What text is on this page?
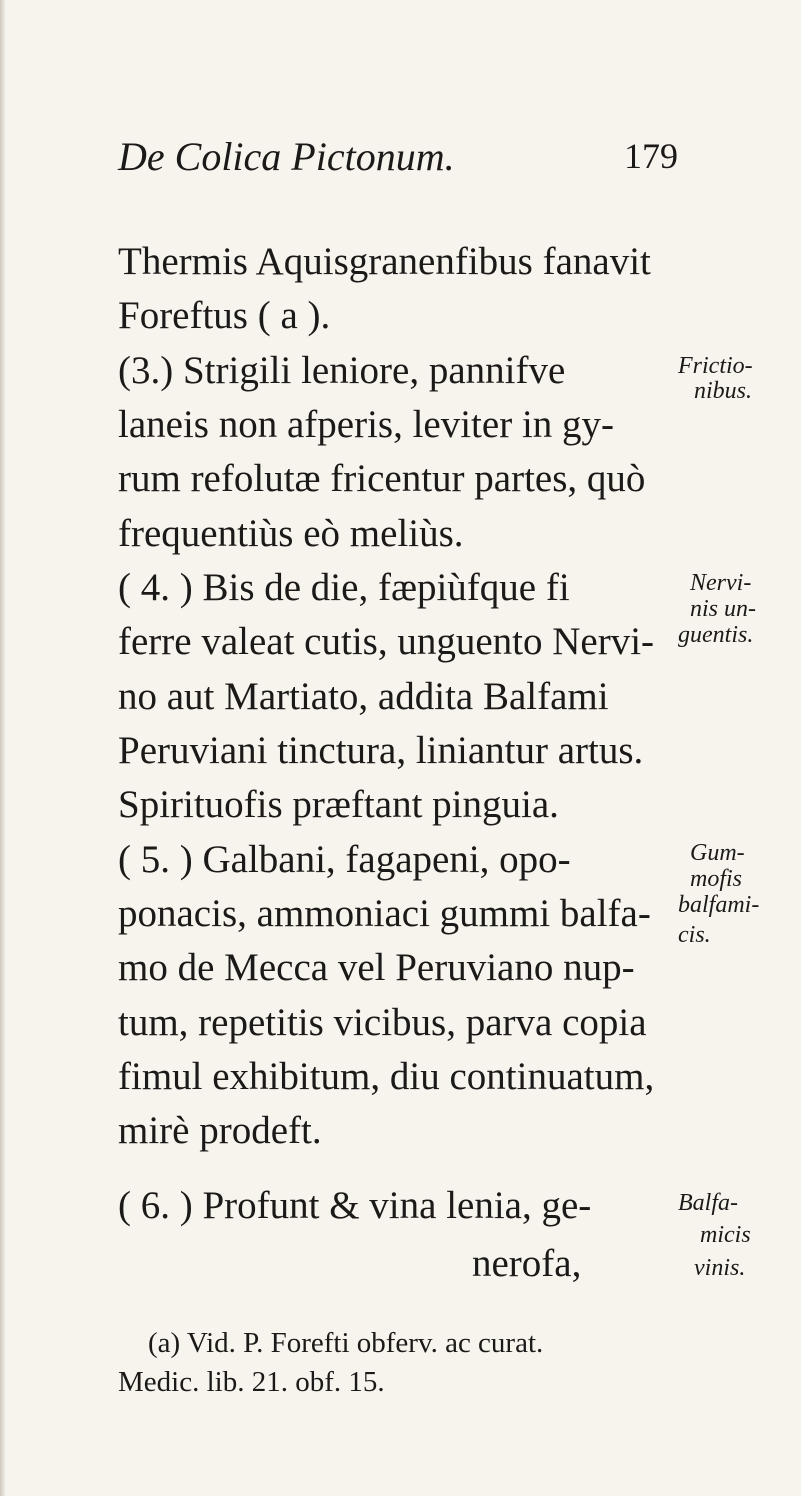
De Colica Pictonum.	179
Thermis Aquisgranenfibus fanavit
Foreftus ( a ).
(3.) Strigili leniore, pannifve
laneis non afperis, leviter in gy-
rum refolutæ fricentur partes, quò
frequentiùs eò meliùs.
( 4. ) Bis de die, fæpiùfque fi
ferre valeat cutis, unguento Nervi-
no aut Martiato, addita Balfami
Peruviani tinctura, liniantur artus.
Spirituofis præftant pinguia.
( 5. ) Galbani, fagapeni, opo-
ponacis, ammoniaci gummi balfa-
mo de Mecca vel Peruviano nup-
tum, repetitis vicibus, parva copia
fimul exhibitum, diu continuatum,
mirè prodeft.
( 6. ) Profunt & vina lenia, ge-
nerofa,
Frictio-
nibus.
Nervi-
nis un-
guentis.
Gum-
mofis
balfami-
cis.
Balfa-
micis
vinis.
(a) Vid. P. Forefti obferv. ac curat.
Medic. lib. 21. obf. 15.
